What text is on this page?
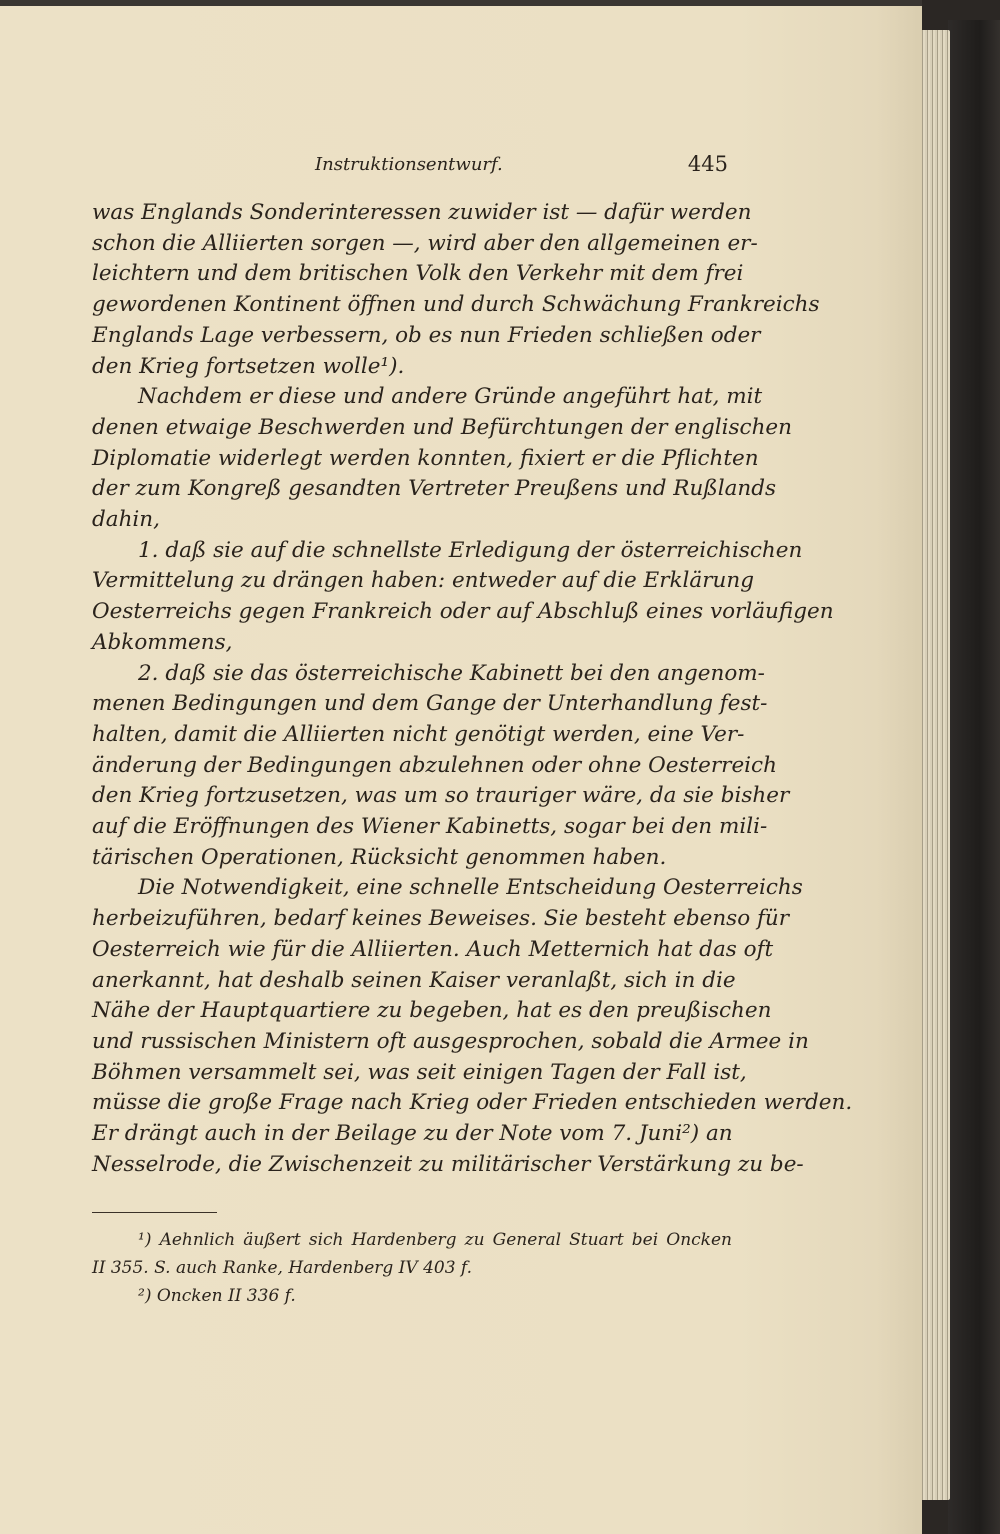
Instruktionsentwurf.	445
was Englands Sonderinteressen zuwider ist — dafür werden
schon die Alliierten sorgen —, wird aber den allgemeinen er-
leichtern und dem britischen Volk den Verkehr mit dem frei
gewordenen Kontinent öffnen und durch Schwächung Frankreichs
Englands Lage verbessern, ob es nun Frieden schließen oder
den Krieg fortsetzen wolle¹).
Nachdem er diese und andere Gründe angeführt hat, mit
denen etwaige Beschwerden und Befürchtungen der englischen
Diplomatie widerlegt werden konnten, fixiert er die Pflichten
der zum Kongreß gesandten Vertreter Preußens und Rußlands
dahin,
1. daß sie auf die schnellste Erledigung der österreichischen
Vermittelung zu drängen haben: entweder auf die Erklärung
Oesterreichs gegen Frankreich oder auf Abschluß eines vorläufigen
Abkommens,
2. daß sie das österreichische Kabinett bei den angenom-
menen Bedingungen und dem Gange der Unterhandlung fest-
halten, damit die Alliierten nicht genötigt werden, eine Ver-
änderung der Bedingungen abzulehnen oder ohne Oesterreich
den Krieg fortzusetzen, was um so trauriger wäre, da sie bisher
auf die Eröffnungen des Wiener Kabinetts, sogar bei den mili-
tärischen Operationen, Rücksicht genommen haben.
Die Notwendigkeit, eine schnelle Entscheidung Oesterreichs
herbeizuführen, bedarf keines Beweises. Sie besteht ebenso für
Oesterreich wie für die Alliierten. Auch Metternich hat das oft
anerkannt, hat deshalb seinen Kaiser veranlaßt, sich in die
Nähe der Hauptquartiere zu begeben, hat es den preußischen
und russischen Ministern oft ausgesprochen, sobald die Armee in
Böhmen versammelt sei, was seit einigen Tagen der Fall ist,
müsse die große Frage nach Krieg oder Frieden entschieden werden.
Er drängt auch in der Beilage zu der Note vom 7. Juni²) an
Nesselrode, die Zwischenzeit zu militärischer Verstärkung zu be-
¹) Aehnlich äußert sich Hardenberg zu General Stuart bei Oncken
II 355. S. auch Ranke, Hardenberg IV 403 f.
²) Oncken II 336 f.
